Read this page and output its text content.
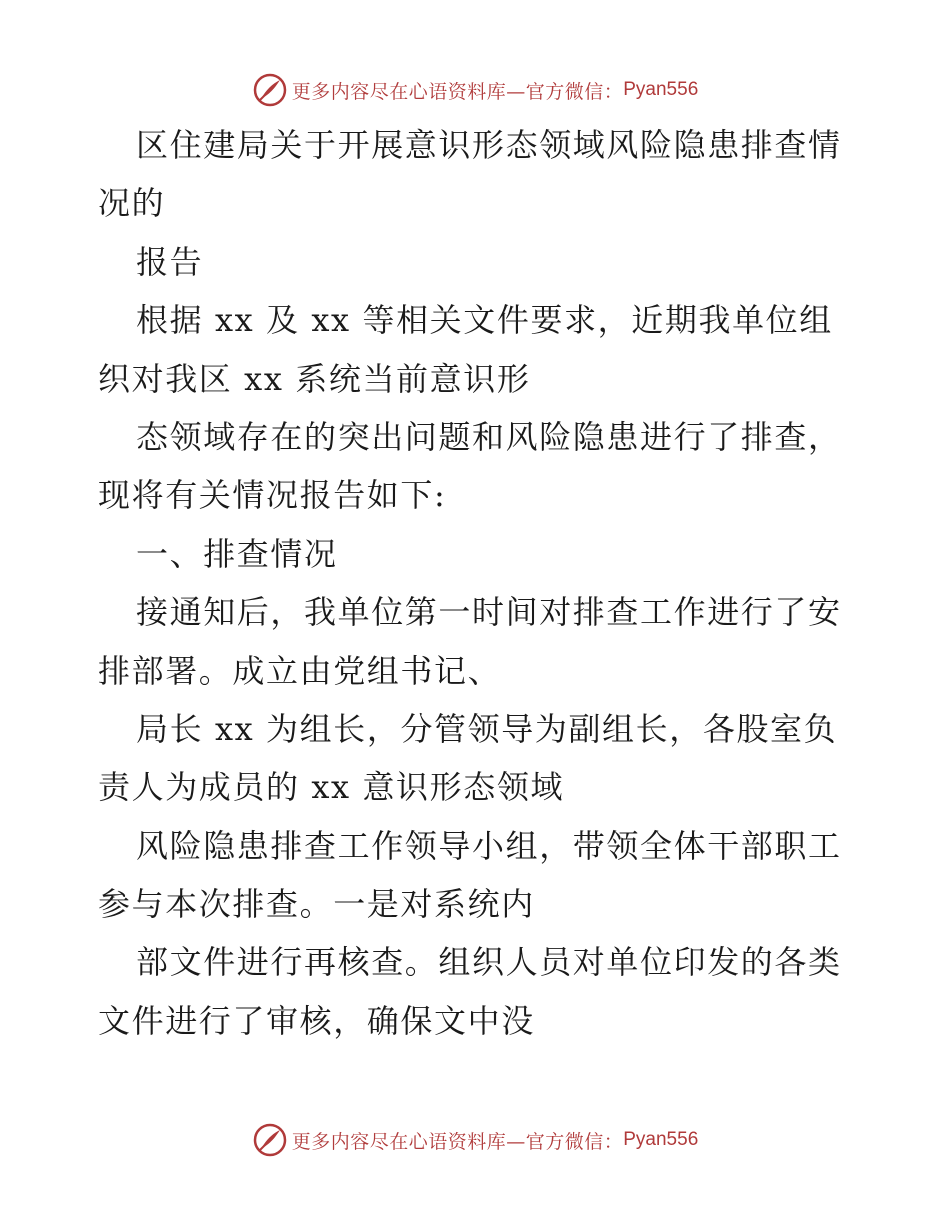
更多内容尽在心语资料库—官方微信： Pyan556
区住建局关于开展意识形态领域风险隐患排查情
况的
报告
根据 xx 及 xx 等相关文件要求，近期我单位组
织对我区 xx 系统当前意识形
态领域存在的突出问题和风险隐患进行了排查，
现将有关情况报告如下:
一、排查情况
接通知后，我单位第一时间对排查工作进行了安
排部署。成立由党组书记、
局长 xx 为组长，分管领导为副组长，各股室负
责人为成员的 xx 意识形态领域
风险隐患排查工作领导小组，带领全体干部职工
参与本次排查。一是对系统内
部文件进行再核查。组织人员对单位印发的各类
文件进行了审核，确保文中没
更多内容尽在心语资料库—官方微信： Pyan556
